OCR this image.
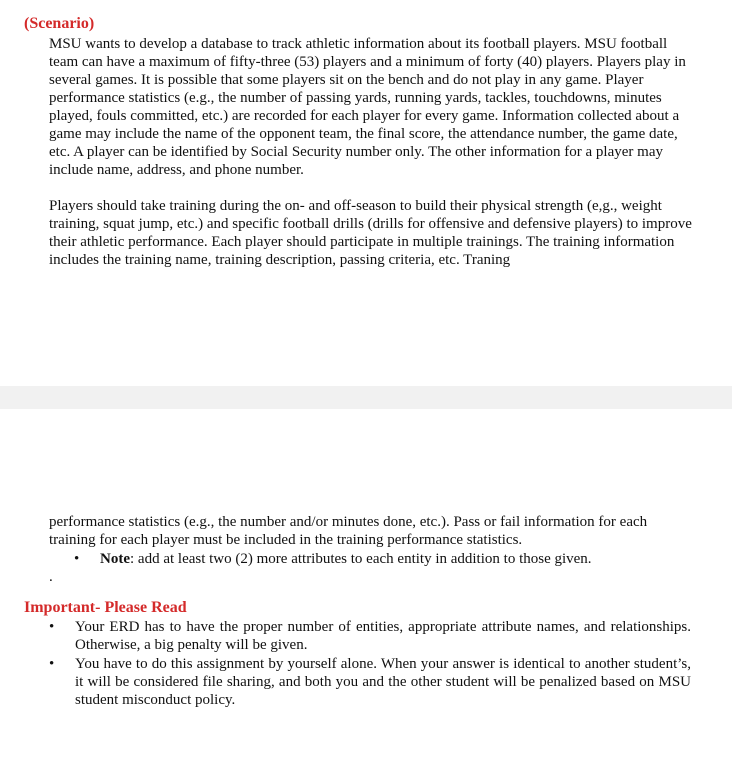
(Scenario)

MSU wants to develop a database to track athletic information about its football players. MSU football team can have a maximum of fifty-three (53) players and a minimum of forty (40) players. Players play in several games. It is possible that some players sit on the bench and do not play in any game. Player performance statistics (e.g., the number of passing yards, running yards, tackles, touchdowns, minutes played, fouls committed, etc.) are recorded for each player for every game. Information collected about a game may include the name of the opponent team, the final score, the attendance number, the game date, etc. A player can be identified by Social Security number only. The other information for a player may include name, address, and phone number.

Players should take training during the on- and off-season to build their physical strength (e,g., weight training, squat jump, etc.) and specific football drills (drills for offensive and defensive players) to improve their athletic performance. Each player should participate in multiple trainings. The training information includes the training name, training description, passing criteria, etc. Traning

performance statistics (e.g., the number and/or minutes done, etc.). Pass or fail information for each training for each player must be included in the training performance statistics.

• Note: add at least two (2) more attributes to each entity in addition to those given.
.
Important- Please Read
• Your ERD has to have the proper number of entities, appropriate attribute names, and relationships. Otherwise, a big penalty will be given.
• You have to do this assignment by yourself alone. When your answer is identical to another student’s, it will be considered file sharing, and both you and the other student will be penalized based on MSU student misconduct policy.
